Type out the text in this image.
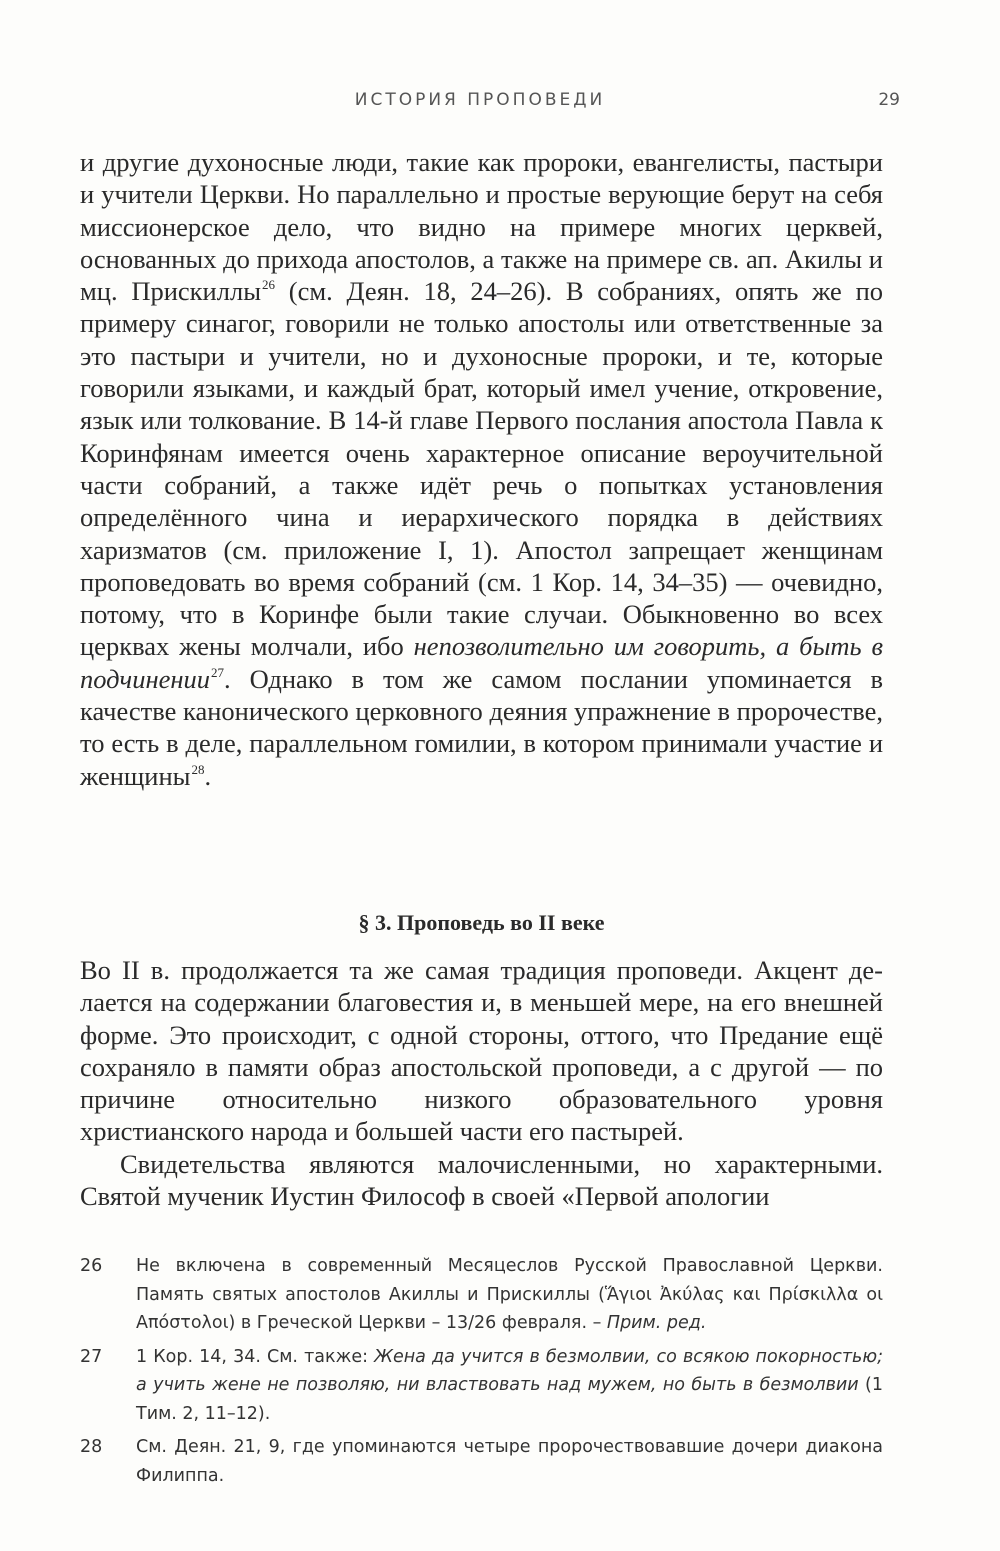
ИСТОРИЯ ПРОПОВЕДИ	29

и другие духоносные люди, такие как пророки, евангелисты, пастыри и учители Церкви. Но параллельно и простые верующие берут на себя миссионерское дело, что видно на примере многих церквей, основанных до прихода апостолов, а также на примере св. ап. Акилы и мц. Прискиллы$^{26}$ (см. Деян. 18, 24–26). В собраниях, опять же по примеру синагог, говорили не только апостолы или ответственные за это пастыри и учители, но и духоносные пророки, и те, которые говорили языками, и каждый брат, который имел учение, откровение, язык или толкование. В 14-й главе Первого послания апостола Павла к Коринфянам имеется очень характерное описание вероучительной части собраний, а также идёт речь о попытках установления определённого чина и иерархического порядка в действиях харизматов (см. приложение I, 1). Апостол запрещает женщинам проповедовать во время собраний (см. 1 Кор. 14, 34–35) — очевидно, потому, что в Коринфе были такие случаи. Обыкновенно во всех церквах жены молчали, ибо непозволительно им говорить, а быть в подчинении$^{27}$. Однако в том же самом послании упоминается в качестве канонического церковного деяния упражнение в пророчестве, то есть в деле, параллельном гомилии, в котором принимали участие и женщины$^{28}$.

§ 3. Проповедь во II веке

Во II в. продолжается та же самая традиция проповеди. Акцент делается на содержании благовестия и, в меньшей мере, на его внешней форме. Это происходит, с одной стороны, оттого, что Предание ещё сохраняло в памяти образ апостольской проповеди, а с другой — по причине относительно низкого образовательного уровня христианского народа и большей части его пастырей.

Свидетельства являются малочисленными, но характерными. Святой мученик Иустин Философ в своей «Первой апологии

26	Не включена в современный Месяцеслов Русской Православной Церкви. Память святых апостолов Акиллы и Прискиллы (Ἅγιοι Ἀκύλας και Πρίσκιλλα οι Απόστολοι) в Греческой Церкви – 13/26 февраля. – Прим. ред.
27	1 Кор. 14, 34. См. также: Жена да учится в безмолвии, со всякою покорностью; а учить жене не позволяю, ни властвовать над мужем, но быть в безмолвии (1 Тим. 2, 11–12).
28	См. Деян. 21, 9, где упоминаются четыре пророчествовавшие дочери диакона Филиппа.
